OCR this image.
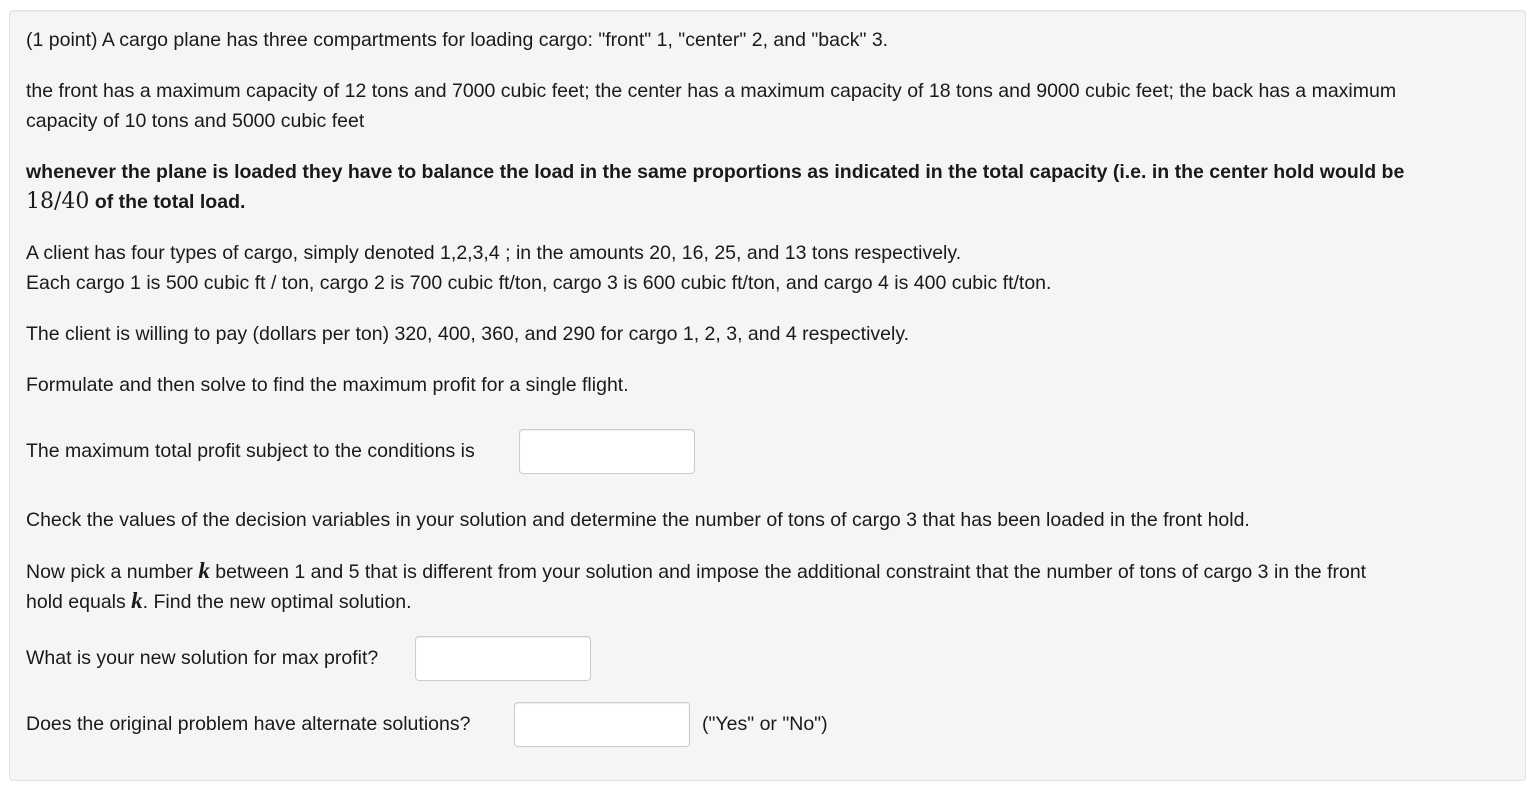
(1 point) A cargo plane has three compartments for loading cargo: "front" 1, "center" 2, and "back" 3.
the front has a maximum capacity of 12 tons and 7000 cubic feet; the center has a maximum capacity of 18 tons and 9000 cubic feet; the back has a maximum
capacity of 10 tons and 5000 cubic feet
whenever the plane is loaded they have to balance the load in the same proportions as indicated in the total capacity (i.e. in the center hold would be
18/40 of the total load.
A client has four types of cargo, simply denoted 1,2,3,4 ; in the amounts 20, 16, 25, and 13 tons respectively.
Each cargo 1 is 500 cubic ft / ton, cargo 2 is 700 cubic ft/ton, cargo 3 is 600 cubic ft/ton, and cargo 4 is 400 cubic ft/ton.
The client is willing to pay (dollars per ton) 320, 400, 360, and 290 for cargo 1, 2, 3, and 4 respectively.
Formulate and then solve to find the maximum profit for a single flight.
The maximum total profit subject to the conditions is
Check the values of the decision variables in your solution and determine the number of tons of cargo 3 that has been loaded in the front hold.
Now pick a number k between 1 and 5 that is different from your solution and impose the additional constraint that the number of tons of cargo 3 in the front
hold equals k. Find the new optimal solution.
What is your new solution for max profit?
Does the original problem have alternate solutions?	("Yes" or "No")
